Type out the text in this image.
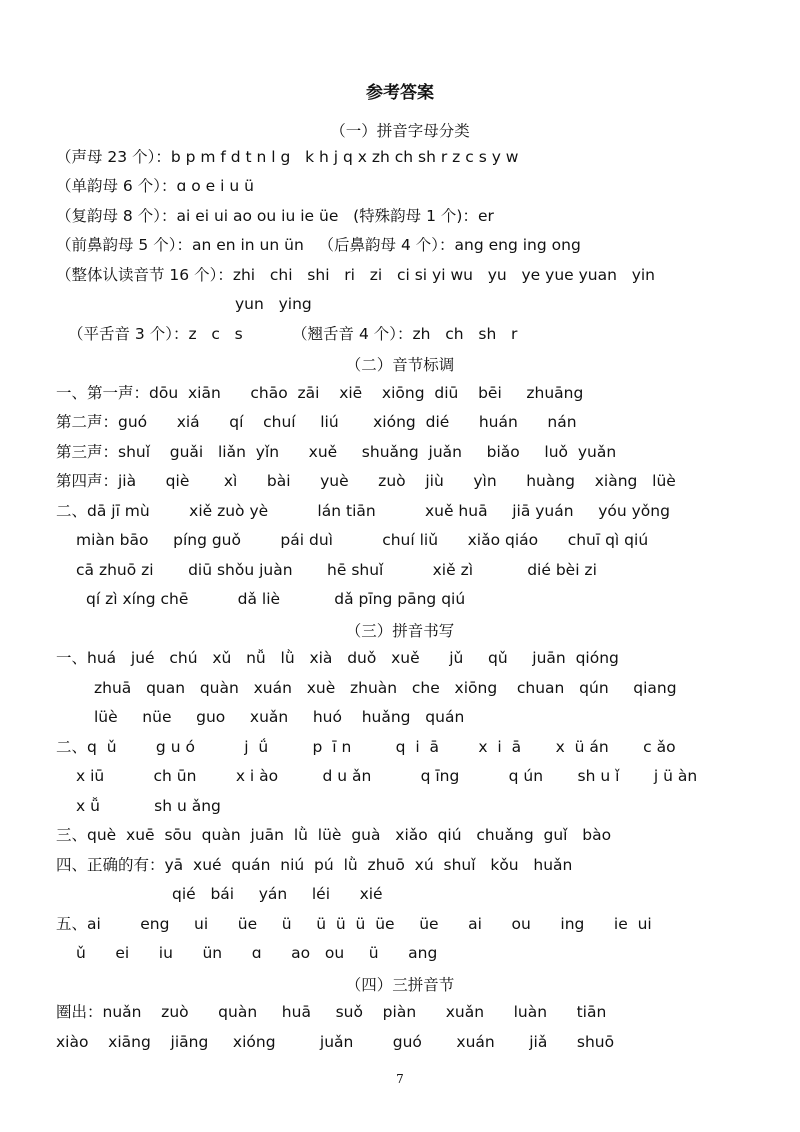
参考答案
（一）拼音字母分类
（声母 23 个）：b p m f d t n l g   k h j q x zh ch sh r z c s y w
（单韵母 6 个）：ɑ o e i u ü
（复韵母 8 个）：ai ei ui ao ou iu ie üe   (特殊韵母 1 个)：er
（前鼻韵母 5 个）：an en in un ün   （后鼻韵母 4 个）：ang eng ing ong
（整体认读音节 16 个）：zhi   chi   shi   ri   zi   ci si yi wu   yu   ye yue yuan   yin
yun   ying
（平舌音 3 个）：z   c   s          （翘舌音 4 个）：zh   ch   sh   r
（二）音节标调
一、第一声：dōu  xiān      chāo  zāi    xiē    xiōng  diū    bēi     zhuāng
第二声：guó      xiá      qí    chuí     liú       xióng  dié      huán      nán
第三声：shuǐ    guǎi   liǎn  yǐn      xuě     shuǎng  juǎn     biǎo     luǒ  yuǎn
第四声：jià      qiè       xì      bài      yuè      zuò    jiù      yìn      huàng    xiàng   lüè
二、dā jī mù        xiě zuò yè          lán tiān          xuě huā     jiā yuán     yóu yǒng
miàn bāo     píng guǒ        pái duì          chuí liǔ      xiǎo qiáo      chuī qì qiú
cā zhuō zi       diū shǒu juàn       hē shuǐ          xiě zì           dié bèi zi
qí zì xíng chē          dǎ liè           dǎ pīng pāng qiú
（三）拼音书写
一、huá   jué   chú   xǔ   nǚ   lǜ   xià   duǒ   xuě      jǔ     qǔ     juān  qióng
zhuā   quan   quàn   xuán   xuè   zhuàn   che   xiōng    chuan   qún     qiang
lüè     nüe     guo     xuǎn     huó    huǎng   quán
二、q  ǔ        g u ó          j  ǘ         p  ī n         q  i  ā        x  i  ā       x  ü án       c ǎo
x iū          ch ūn        x i ào         d u ǎn          q īng          q ún       sh u ǐ       j ü àn
x ǚ           sh u ǎng
三、què  xuē  sōu  quàn  juān  lǜ  lüè  guà   xiǎo  qiú   chuǎng  guǐ   bào
四、正确的有：yā  xué  quán  niú  pú  lǜ  zhuō  xú  shuǐ   kǒu   huǎn
qié   bái     yán     léi      xié
五、ai        eng     ui      üe     ü     ü  ü  ü  üe     üe      ai      ou      ing      ie  ui
ǔ      ei      iu      ün      ɑ      ao   ou     ü      ang
（四）三拼音节
圈出：nuǎn    zuò      quàn     huā     suǒ    piàn      xuǎn      luàn      tiān
xiào    xiāng    jiāng     xióng         juǎn        guó       xuán       jiǎ      shuō
7
